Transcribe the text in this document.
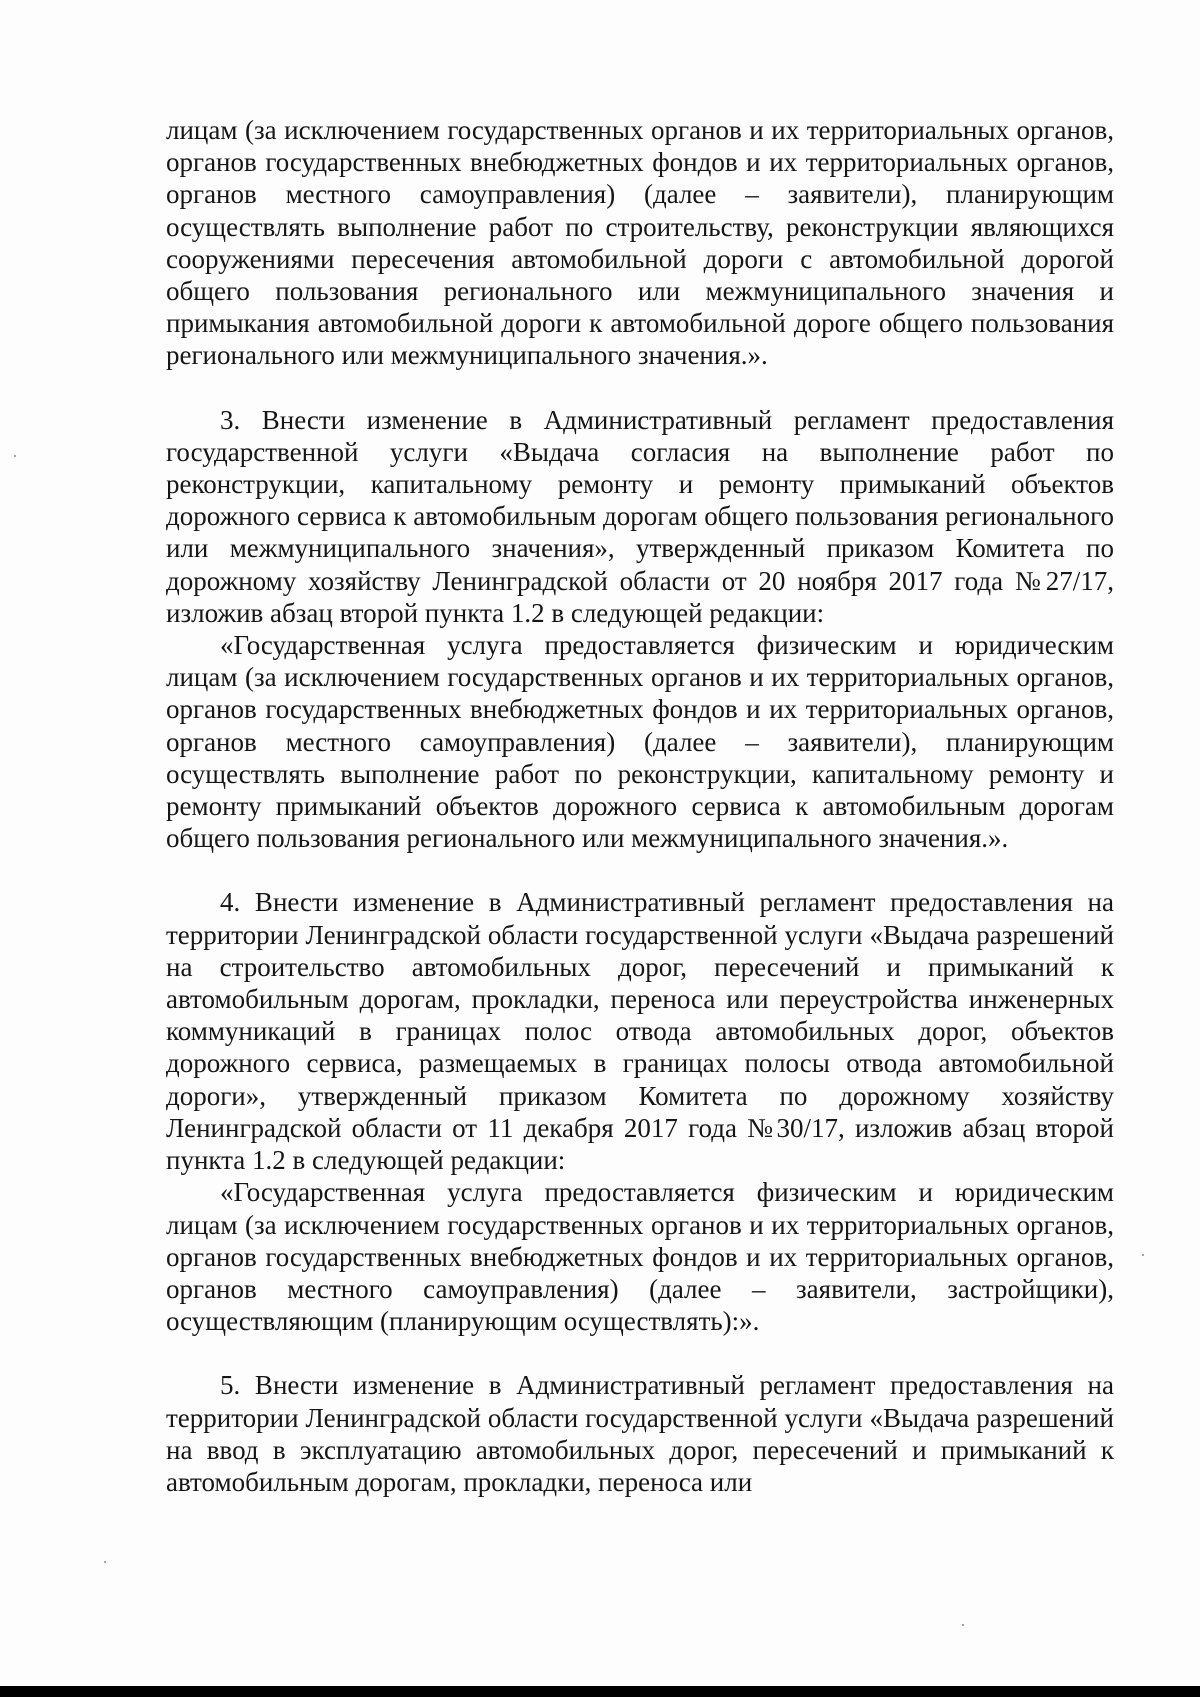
лицам (за исключением государственных органов и их территориальных органов, органов государственных внебюджетных фондов и их территориальных органов, органов местного самоуправления) (далее – заявители), планирующим осуществлять выполнение работ по строительству, реконструкции являющихся сооружениями пересечения автомобильной дороги с автомобильной дорогой общего пользования регионального или межмуниципального значения и примыкания автомобильной дороги к автомобильной дороге общего пользования регионального или межмуниципального значения.».

3. Внести изменение в Административный регламент предоставления государственной услуги «Выдача согласия на выполнение работ по реконструкции, капитальному ремонту и ремонту примыканий объектов дорожного сервиса к автомобильным дорогам общего пользования регионального или межмуниципального значения», утвержденный приказом Комитета по дорожному хозяйству Ленинградской области от 20 ноября 2017 года №27/17, изложив абзац второй пункта 1.2 в следующей редакции:

«Государственная услуга предоставляется физическим и юридическим лицам (за исключением государственных органов и их территориальных органов, органов государственных внебюджетных фондов и их территориальных органов, органов местного самоуправления) (далее – заявители), планирующим осуществлять выполнение работ по реконструкции, капитальному ремонту и ремонту примыканий объектов дорожного сервиса к автомобильным дорогам общего пользования регионального или межмуниципального значения.».

4. Внести изменение в Административный регламент предоставления на территории Ленинградской области государственной услуги «Выдача разрешений на строительство автомобильных дорог, пересечений и примыканий к автомобильным дорогам, прокладки, переноса или переустройства инженерных коммуникаций в границах полос отвода автомобильных дорог, объектов дорожного сервиса, размещаемых в границах полосы отвода автомобильной дороги», утвержденный приказом Комитета по дорожному хозяйству Ленинградской области от 11 декабря 2017 года №30/17, изложив абзац второй пункта 1.2 в следующей редакции:

«Государственная услуга предоставляется физическим и юридическим лицам (за исключением государственных органов и их территориальных органов, органов государственных внебюджетных фондов и их территориальных органов, органов местного самоуправления) (далее – заявители, застройщики), осуществляющим (планирующим осуществлять):».

5. Внести изменение в Административный регламент предоставления на территории Ленинградской области государственной услуги «Выдача разрешений на ввод в эксплуатацию автомобильных дорог, пересечений и примыканий к автомобильным дорогам, прокладки, переноса или
